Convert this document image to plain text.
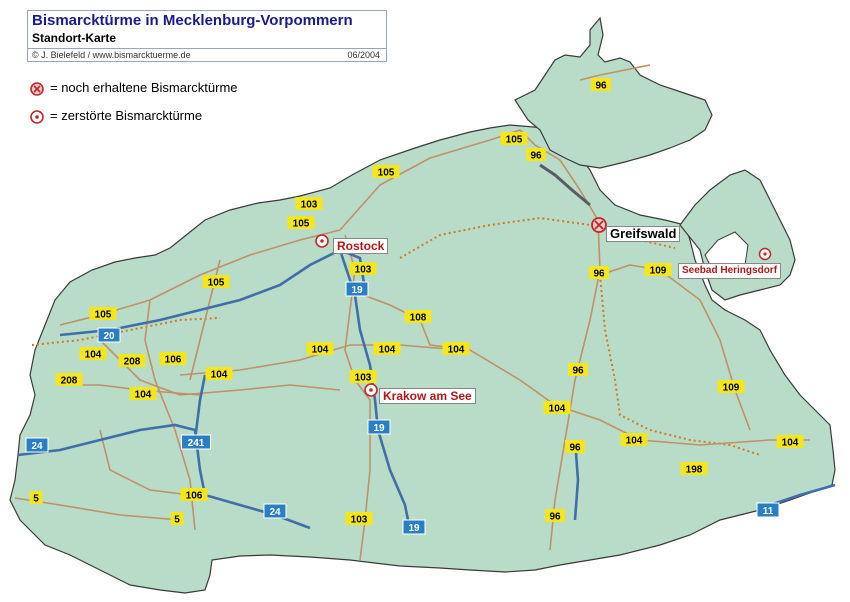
96
105
96
105
103
105
103	96	109
105
105	108
104
208 106
104	104	104
104
208
104
103
96
104
109
104	104
96
198
106
5
5	103	96
20
19
24	241
19
24
19
11
Bismarcktürme in Mecklenburg-Vorpommern
Standort-Karte
© J. Bielefeld / www.bismarcktuerme.de	06/2004
= noch erhaltene Bismarcktürme
= zerstörte Bismarcktürme
Rostock
Greifswald
Krakow am See
Seebad Heringsdorf
